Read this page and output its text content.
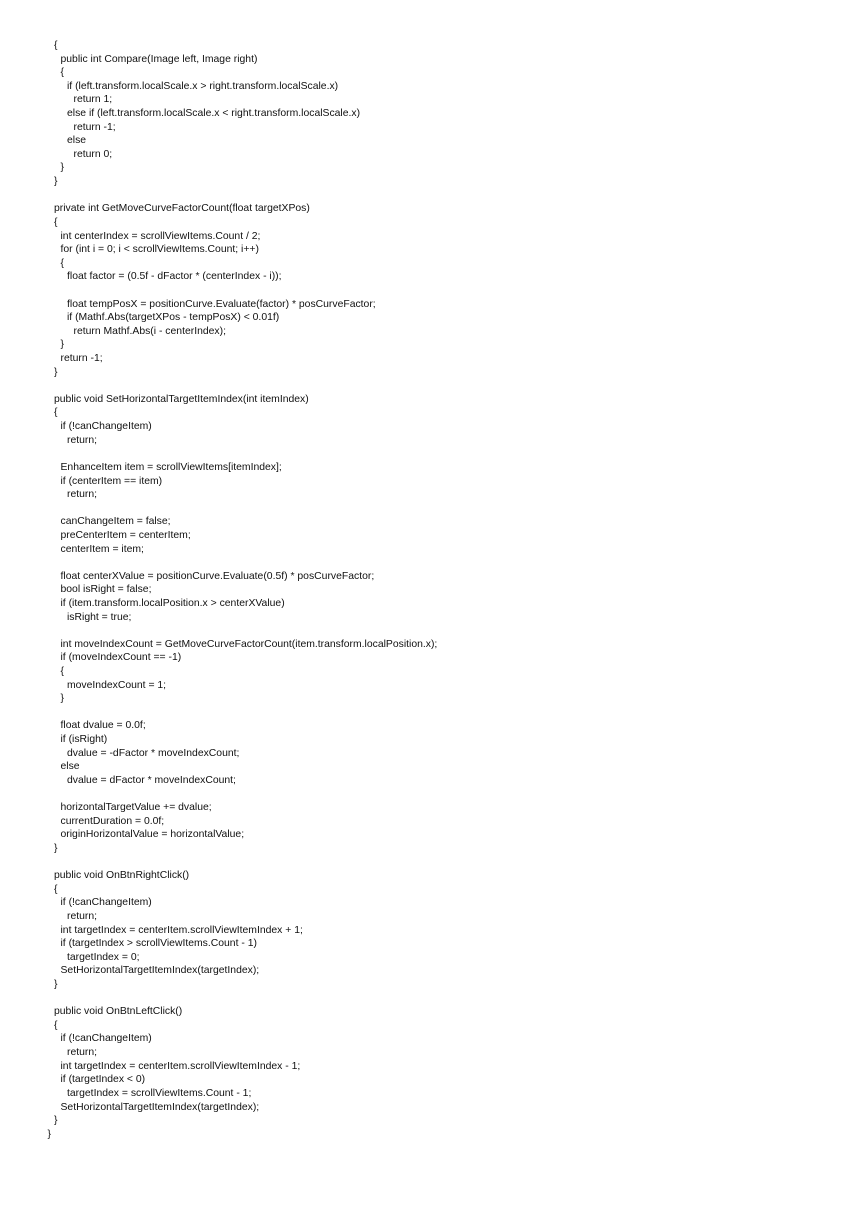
{
public int Compare(Image left, Image right)
{
if (left.transform.localScale.x > right.transform.localScale.x)
return 1;
else if (left.transform.localScale.x < right.transform.localScale.x)
return -1;
else
return 0;
}
}
private int GetMoveCurveFactorCount(float targetXPos)
{
int centerIndex = scrollViewItems.Count / 2;
for (int i = 0; i < scrollViewItems.Count; i++)
{
float factor = (0.5f - dFactor * (centerIndex - i));
float tempPosX = positionCurve.Evaluate(factor) * posCurveFactor;
if (Mathf.Abs(targetXPos - tempPosX) < 0.01f)
return Mathf.Abs(i - centerIndex);
}
return -1;
}
public void SetHorizontalTargetItemIndex(int itemIndex)
{
if (!canChangeItem)
return;
EnhanceItem item = scrollViewItems[itemIndex];
if (centerItem == item)
return;
canChangeItem = false;
preCenterItem = centerItem;
centerItem = item;
float centerXValue = positionCurve.Evaluate(0.5f) * posCurveFactor;
bool isRight = false;
if (item.transform.localPosition.x > centerXValue)
isRight = true;
int moveIndexCount = GetMoveCurveFactorCount(item.transform.localPosition.x);
if (moveIndexCount == -1)
{
moveIndexCount = 1;
}
float dvalue = 0.0f;
if (isRight)
dvalue = -dFactor * moveIndexCount;
else
dvalue = dFactor * moveIndexCount;
horizontalTargetValue += dvalue;
currentDuration = 0.0f;
originHorizontalValue = horizontalValue;
}
public void OnBtnRightClick()
{
if (!canChangeItem)
return;
int targetIndex = centerItem.scrollViewItemIndex + 1;
if (targetIndex > scrollViewItems.Count - 1)
targetIndex = 0;
SetHorizontalTargetItemIndex(targetIndex);
}
public void OnBtnLeftClick()
{
if (!canChangeItem)
return;
int targetIndex = centerItem.scrollViewItemIndex - 1;
if (targetIndex < 0)
targetIndex = scrollViewItems.Count - 1;
SetHorizontalTargetItemIndex(targetIndex);
}
}
